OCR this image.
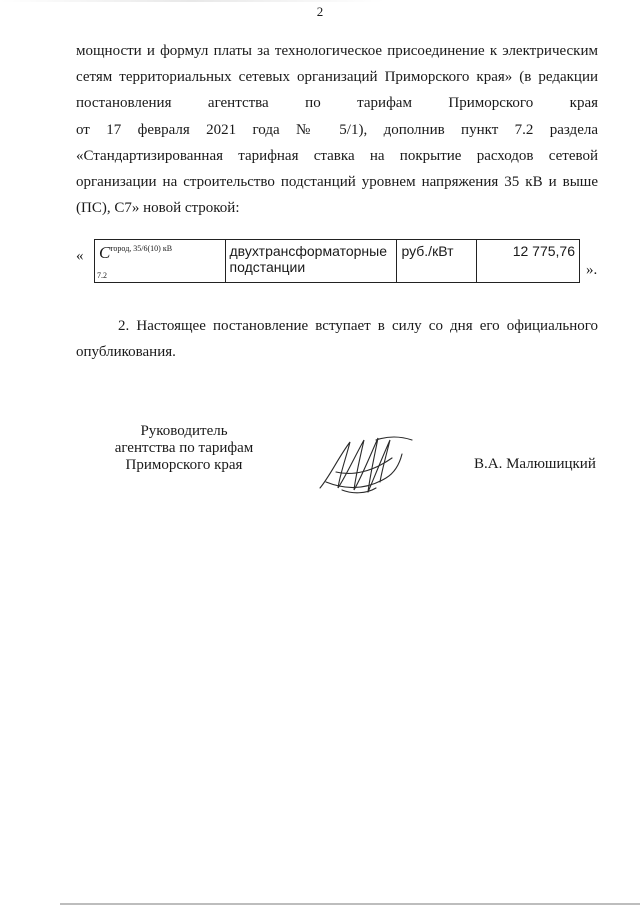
2
мощности и формул платы за технологическое присоединение к электрическим
сетям территориальных сетевых организаций Приморского края» (в редакции
постановления агентства по тарифам Приморского края
от 17 февраля 2021 года № 5/1), дополнив пункт 7.2 раздела
«Стандартизированная тарифная ставка на покрытие расходов сетевой
организации на строительство подстанций уровнем напряжения 35 кВ и выше
(ПС), С7» новой строкой:
« $С^{город, 35/6(10) кВ}$
$_{7.2}$	двухтрансформаторные подстанции	руб./кВт	12 775,76
».
2. Настоящее постановление вступает в силу со дня его официального
опубликования.
Руководитель
агентства по тарифам
Приморского края	В.А. Малюшицкий
